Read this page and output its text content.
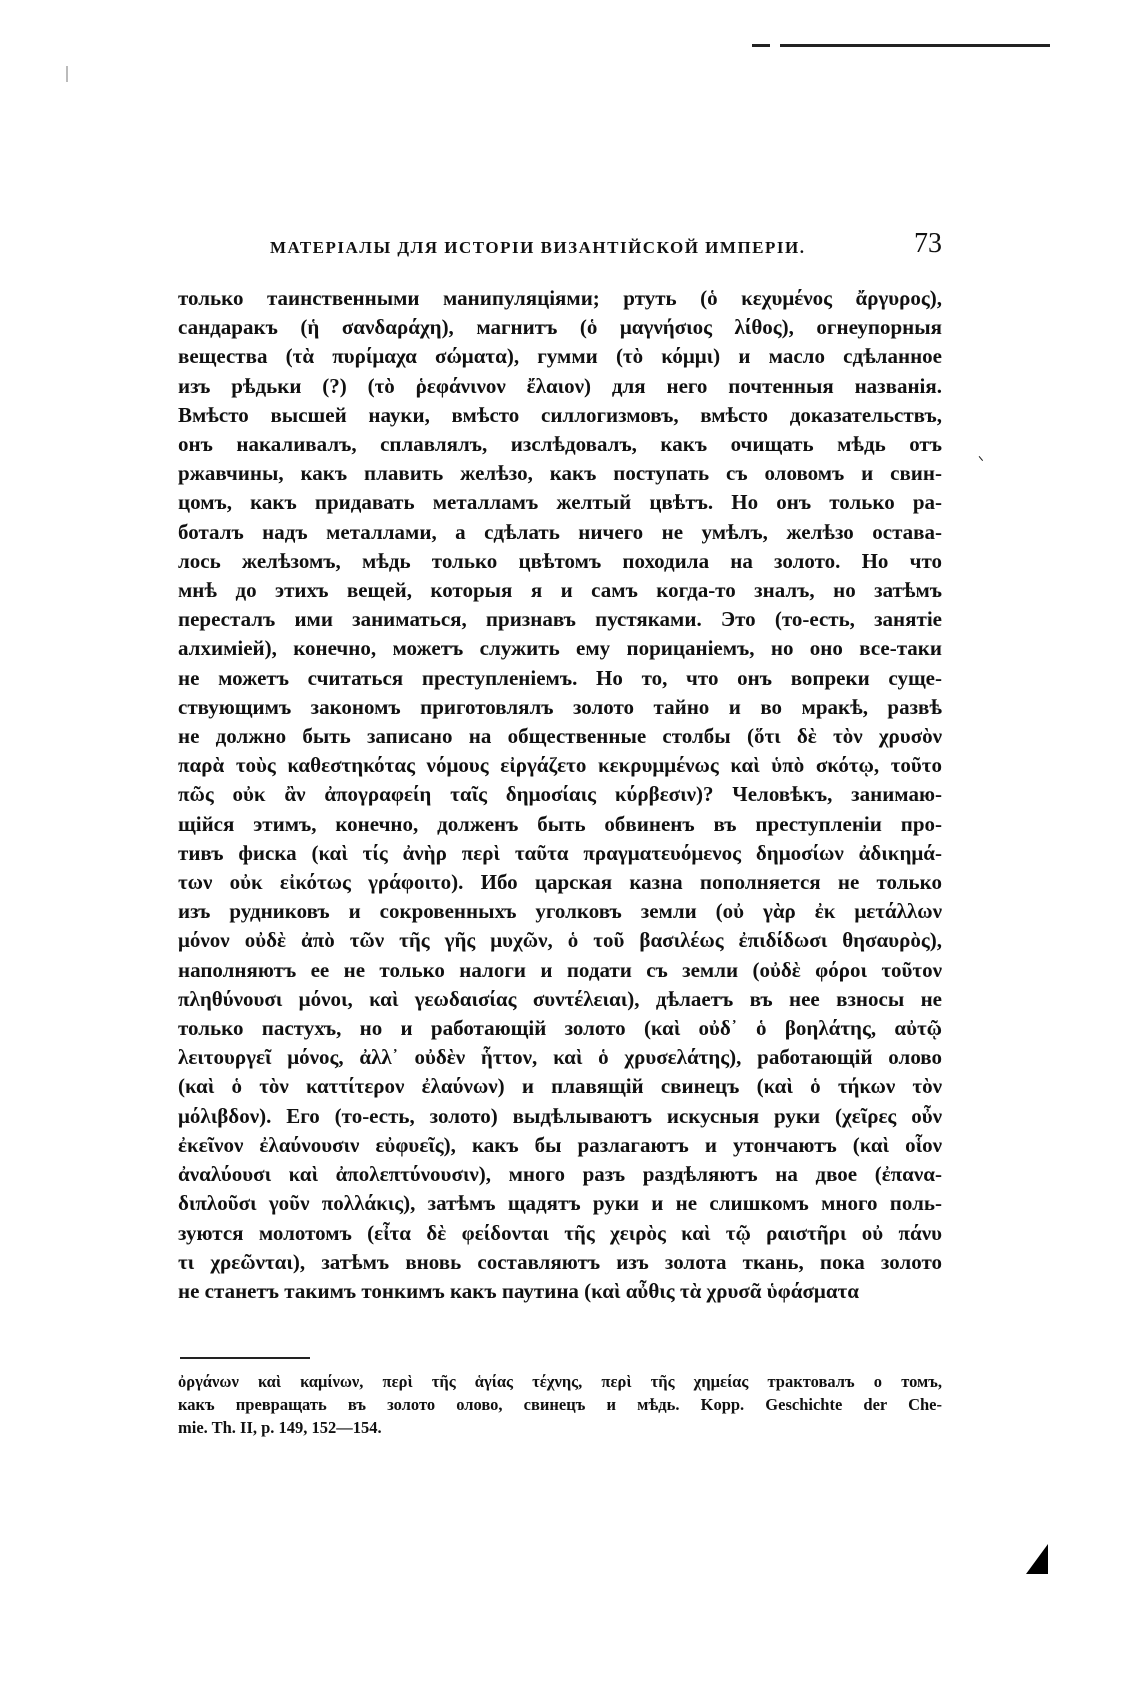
МАТЕРІАЛЫ ДЛЯ ИСТОРІИ ВИЗАНТІЙСКОЙ ИМПЕРІИ.	73
только таинственными манипуляціями; ртуть (ὁ κεχυμένος ἄργυρος),
сандаракъ (ἡ σανδαράχη), магнитъ (ὁ μαγνήσιος λίθος), огнеупорныя
вещества (τὰ πυρίμαχα σώματα), гумми (τὸ κόμμι) и масло сдѣланное
изъ рѣдьки (?) (τὸ ῥεφάνινον ἔλαιον) для него почтенныя названія.
Вмѣсто высшей науки, вмѣсто силлогизмовъ, вмѣсто доказательствъ,
онъ накаливалъ, сплавлялъ, изслѣдовалъ, какъ очищать мѣдь отъ
ржавчины, какъ плавить желѣзо, какъ поступать съ оловомъ и свин-
цомъ, какъ придавать металламъ желтый цвѣтъ. Но онъ только ра-
боталъ надъ металлами, а сдѣлать ничего не умѣлъ, желѣзо остава-
лось желѣзомъ, мѣдь только цвѣтомъ походила на золото. Но что
мнѣ до этихъ вещей, которыя я и самъ когда-то зналъ, но затѣмъ
пересталъ ими заниматься, признавъ пустяками. Это (то-есть, занятіе
алхимiей), конечно, можетъ служить ему порицаніемъ, но оно все-таки
не можетъ считаться преступленіемъ. Но то, что онъ вопреки суще-
ствующимъ закономъ приготовлялъ золото тайно и во мракѣ, развѣ
не должно быть записано на общественные столбы (ὅτι δὲ τὸν χρυσὸν
παρὰ τοὺς καθεστηκότας νόμους εἰργάζετο κεκρυμμένως καὶ ὑπὸ σκότῳ, τοῦτο
πῶς οὐκ ἂν ἀπογραφείη ταῖς δημοσίαις κύρβεσιν)? Человѣкъ, занимаю-
щійся этимъ, конечно, долженъ быть обвиненъ въ преступленіи про-
тивъ фиска (καὶ τίς ἀνὴρ περὶ ταῦτα πραγματευόμενος δημοσίων ἀδικημά-
των οὐκ εἰκότως γράφοιτο). Ибо царская казна пополняется не только
изъ рудниковъ и сокровенныхъ уголковъ земли (οὐ γὰρ ἐκ μετάλλων
μόνον οὐδὲ ἀπὸ τῶν τῆς γῆς μυχῶν, ὁ τοῦ βασιλέως ἐπιδίδωσι θησαυρὸς),
наполняютъ ее не только налоги и подати съ земли (οὐδὲ φόροι τοῦτον
πληθύνουσι μόνοι, καὶ γεωδαισίας συντέλειαι), дѣлаетъ въ нее взносы не
только пастухъ, но и работающій золото (καὶ οὐδ᾽ ὁ βοηλάτης, αὐτῷ
λειτουργεῖ μόνος, ἀλλ᾽ οὐδὲν ἧττον, καὶ ὁ χρυσελάτης), работающій олово
(καὶ ὁ τὸν καττίτερον ἐλαύνων) и плавящій свинецъ (καὶ ὁ τήκων τὸν
μόλιβδον). Его (то-есть, золото) выдѣлываютъ искусныя руки (χεῖρες οὖν
ἐκεῖνον ἐλαύνουσιν εὐφυεῖς), какъ бы разлагаютъ и утончаютъ (καὶ οἷον
ἀναλύουσι καὶ ἀπολεπτύνουσιν), много разъ раздѣляютъ на двое (ἐπανα-
διπλοῦσι γοῦν πολλάκις), затѣмъ щадятъ руки и не слишкомъ много поль-
зуются молотомъ (εἶτα δὲ φείδονται τῆς χειρὸς καὶ τῷ ραιστῆρι οὐ πάνυ
τι χρεῶνται), затѣмъ вновь составляютъ изъ золота ткань, пока золото
не станетъ такимъ тонкимъ какъ паутина (καὶ αὖθις τὰ χρυσᾶ ὑφάσματα
ᐠ
ὀργάνων καὶ καμίνων, περὶ τῆς ἁγίας τέχνης, περὶ τῆς χημείας трактовалъ о томъ,
какъ превращать въ золото олово, свинецъ и мѣдь. Kopp. Geschichte der Che-
mie. Th. II, p. 149, 152—154.
